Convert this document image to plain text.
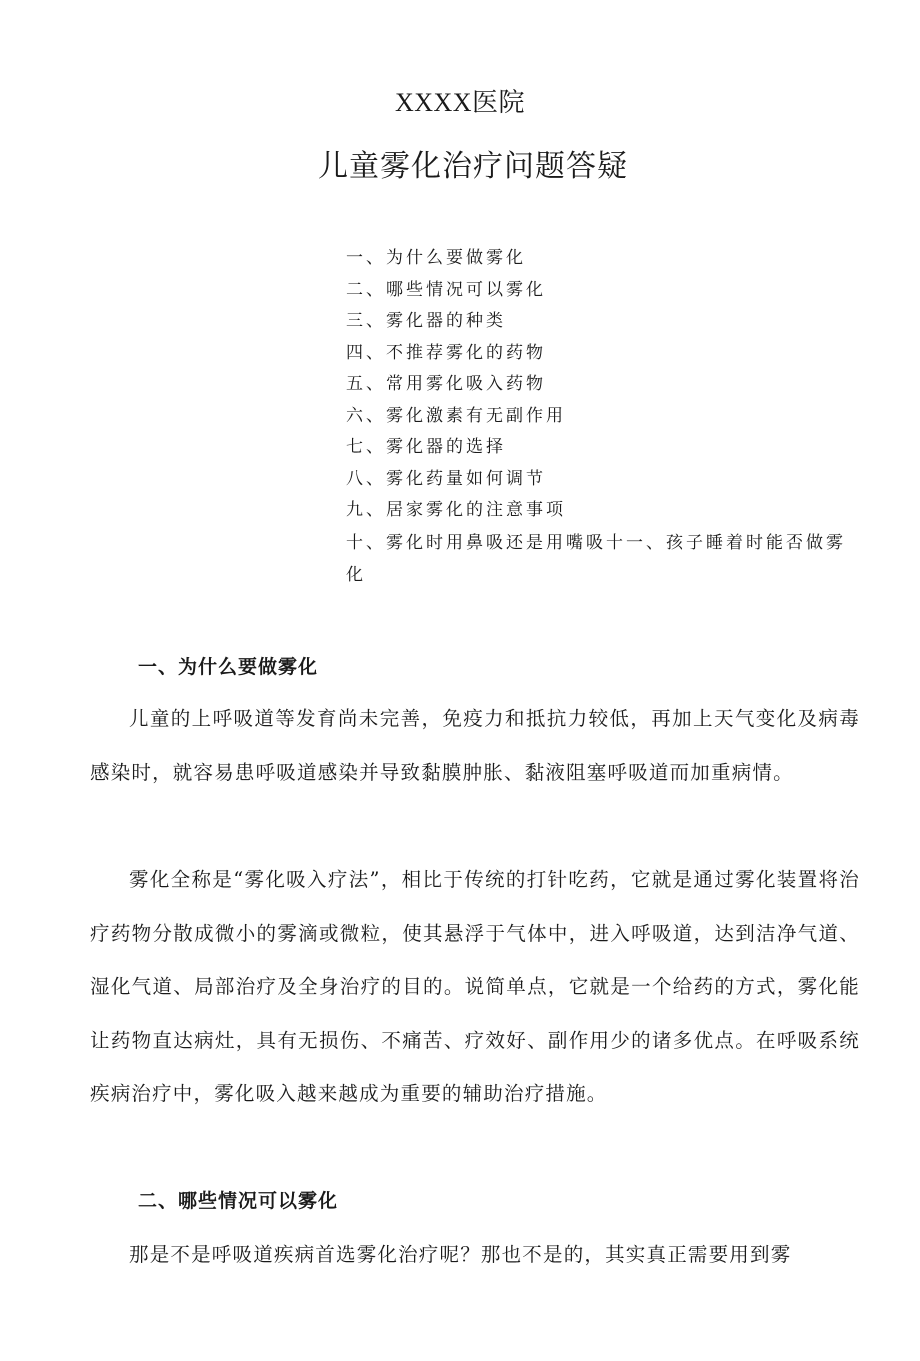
XXXX医院
儿童雾化治疗问题答疑
一、为什么要做雾化
二、哪些情况可以雾化
三、雾化器的种类
四、不推荐雾化的药物
五、常用雾化吸入药物
六、雾化激素有无副作用
七、雾化器的选择
八、雾化药量如何调节
九、居家雾化的注意事项
十、雾化时用鼻吸还是用嘴吸十一、孩子睡着时能否做雾化
一、为什么要做雾化

儿童的上呼吸道等发育尚未完善，免疫力和抵抗力较低，再加上天气变化及病毒感染时，就容易患呼吸道感染并导致黏膜肿胀、黏液阻塞呼吸道而加重病情。

雾化全称是“雾化吸入疗法”，相比于传统的打针吃药，它就是通过雾化装置将治疗药物分散成微小的雾滴或微粒，使其悬浮于气体中，进入呼吸道，达到洁净气道、湿化气道、局部治疗及全身治疗的目的。说简单点，它就是一个给药的方式，雾化能让药物直达病灶，具有无损伤、不痛苦、疗效好、副作用少的诸多优点。在呼吸系统疾病治疗中，雾化吸入越来越成为重要的辅助治疗措施。

二、哪些情况可以雾化

那是不是呼吸道疾病首选雾化治疗呢？那也不是的，其实真正需要用到雾
